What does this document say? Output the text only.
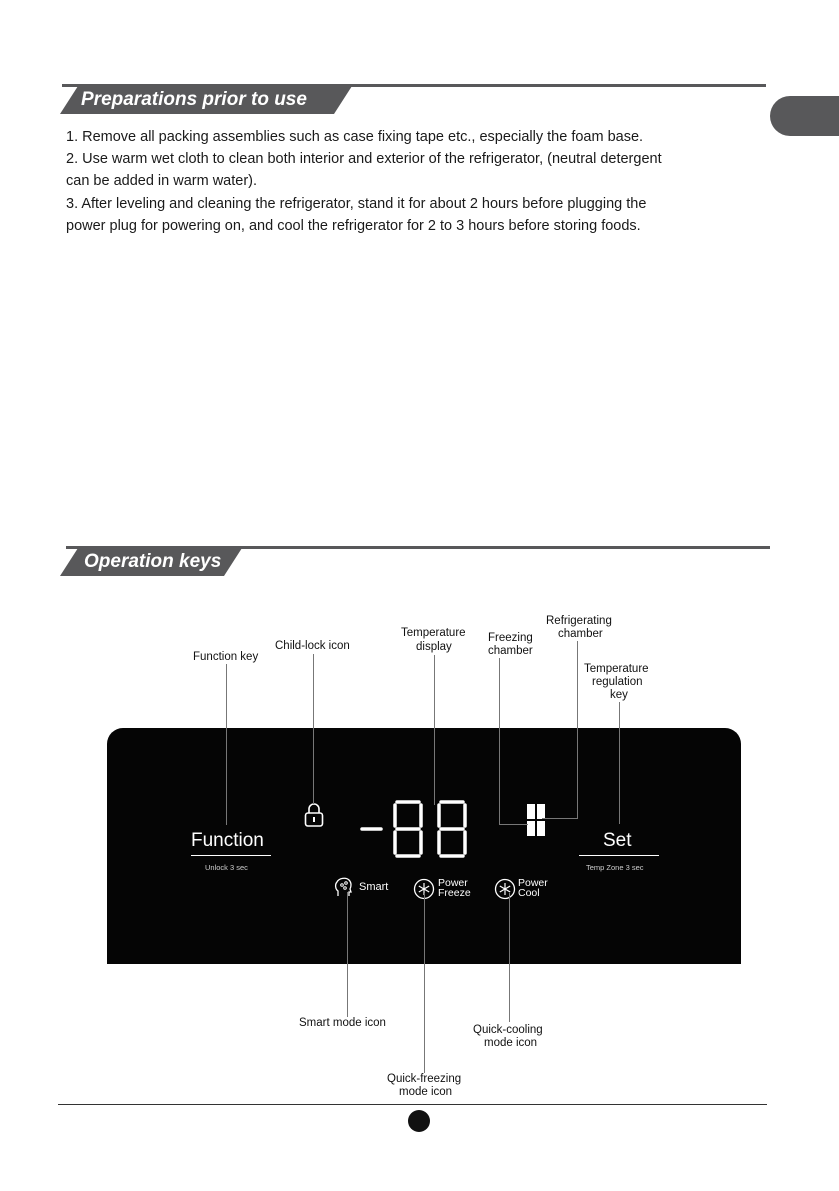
Preparations prior to use
1. Remove all packing assemblies such as case fixing tape etc., especially the foam base.
2. Use warm wet cloth to clean both interior and exterior of the refrigerator, (neutral detergent
can be added in warm water).
3. After leveling and cleaning the refrigerator, stand it for about 2 hours before plugging the
power plug for powering on, and cool the refrigerator for 2 to 3 hours before storing foods.
Operation keys
Function
Unlock 3 sec
Set
Temp Zone 3 sec
Smart	Power
Freeze
Power
Cool
Function key
Child-lock icon
Temperature
display
Freezing
chamber
Refrigerating
chamber
Temperature
regulation
key
Smart mode icon
Quick-cooling
mode icon
Quick-freezing
mode icon
